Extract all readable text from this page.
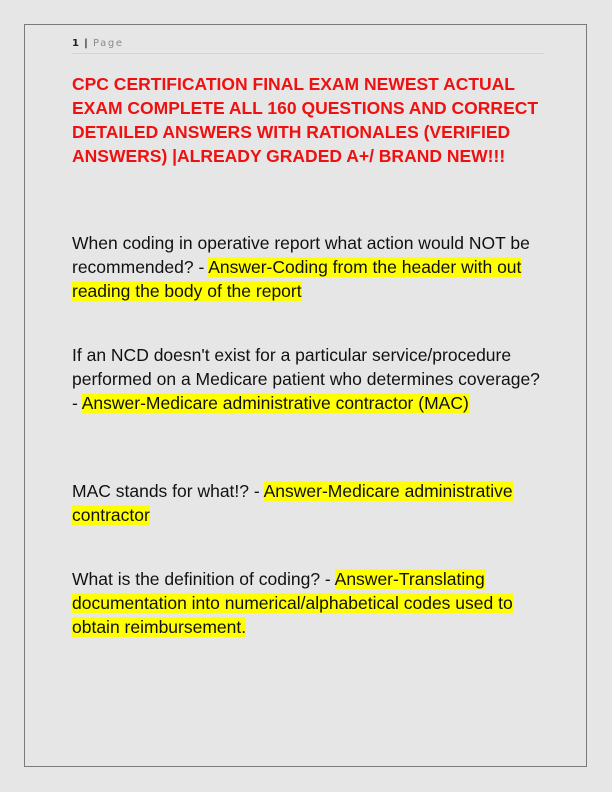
1 | Page

CPC CERTIFICATION FINAL EXAM NEWEST ACTUAL EXAM COMPLETE ALL 160 QUESTIONS AND CORRECT DETAILED ANSWERS WITH RATIONALES (VERIFIED ANSWERS) |ALREADY GRADED A+/ BRAND NEW!!!

When coding in operative report what action would NOT be recommended? - Answer-Coding from the header with out reading the body of the report

If an NCD doesn't exist for a particular service/procedure performed on a Medicare patient who determines coverage? - Answer-Medicare administrative contractor (MAC)

MAC stands for what!? - Answer-Medicare administrative contractor

What is the definition of coding? - Answer-Translating documentation into numerical/alphabetical codes used to obtain reimbursement.
